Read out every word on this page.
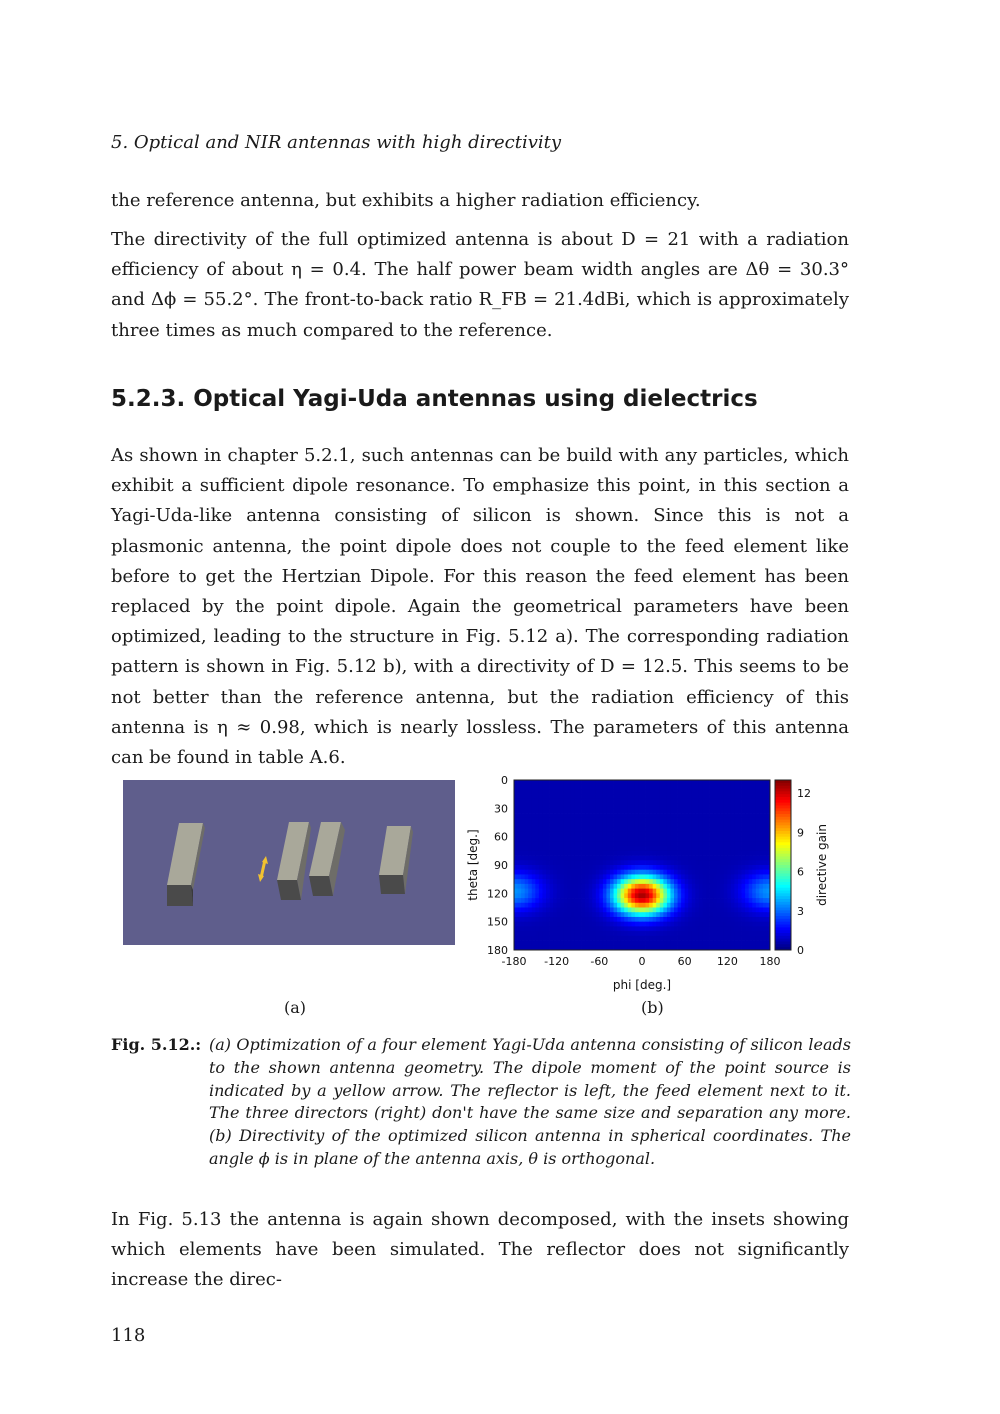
5. Optical and NIR antennas with high directivity

the reference antenna, but exhibits a higher radiation efficiency.

The directivity of the full optimized antenna is about D = 21 with a radiation efficiency of about η = 0.4. The half power beam width angles are Δθ = 30.3° and Δϕ = 55.2°. The front-to-back ratio R_FB = 21.4dBi, which is approximately three times as much compared to the reference.

5.2.3. Optical Yagi-Uda antennas using dielectrics

As shown in chapter 5.2.1, such antennas can be build with any particles, which exhibit a sufficient dipole resonance. To emphasize this point, in this section a Yagi-Uda-like antenna consisting of silicon is shown. Since this is not a plasmonic antenna, the point dipole does not couple to the feed element like before to get the Hertzian Dipole. For this reason the feed element has been replaced by the point dipole. Again the geometrical parameters have been optimized, leading to the structure in Fig. 5.12 a). The corresponding radiation pattern is shown in Fig. 5.12 b), with a directivity of D = 12.5. This seems to be not better than the reference antenna, but the radiation efficiency of this antenna is η ≈ 0.98, which is nearly lossless. The parameters of this antenna can be found in table A.6.

0
30
60
90
120
150
180
-180 -120 -60	0	60 120 180
theta [deg.]
phi [deg.]
0
3
6
9
12
directive gain
(a)	(b)
Fig. 5.12.: (a) Optimization of a four element Yagi-Uda antenna consisting of silicon leads to the shown antenna geometry. The dipole moment of the point source is indicated by a yellow arrow. The reflector is left, the feed element next to it. The three directors (right) don't have the same size and separation any more. (b) Directivity of the optimized silicon antenna in spherical coordinates. The angle ϕ is in plane of the antenna axis, θ is orthogonal.

In Fig. 5.13 the antenna is again shown decomposed, with the insets showing which elements have been simulated. The reflector does not significantly increase the direc-

118
